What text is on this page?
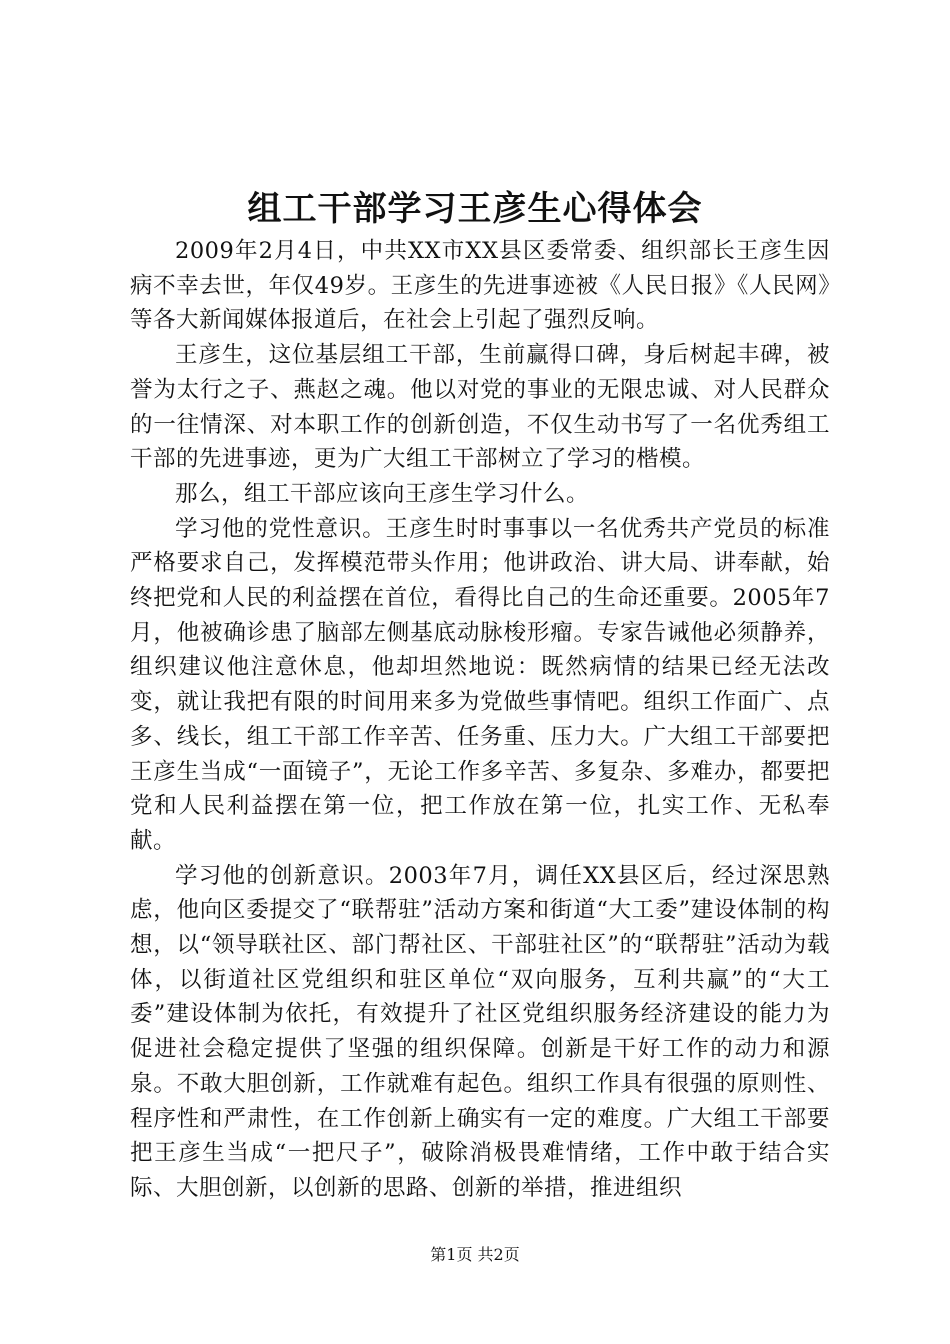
组工干部学习王彦生心得体会

2009年2月4日，中共XX市XX县区委常委、组织部长王彦生因病不幸去世，年仅49岁。王彦生的先进事迹被《人民日报》《人民网》等各大新闻媒体报道后，在社会上引起了强烈反响。

王彦生，这位基层组工干部，生前赢得口碑，身后树起丰碑，被誉为太行之子、燕赵之魂。他以对党的事业的无限忠诚、对人民群众的一往情深、对本职工作的创新创造，不仅生动书写了一名优秀组工干部的先进事迹，更为广大组工干部树立了学习的楷模。

那么，组工干部应该向王彦生学习什么。

学习他的党性意识。王彦生时时事事以一名优秀共产党员的标准严格要求自己，发挥模范带头作用；他讲政治、讲大局、讲奉献，始终把党和人民的利益摆在首位，看得比自己的生命还重要。2005年7月，他被确诊患了脑部左侧基底动脉梭形瘤。专家告诫他必须静养，组织建议他注意休息，他却坦然地说：既然病情的结果已经无法改变，就让我把有限的时间用来多为党做些事情吧。组织工作面广、点多、线长，组工干部工作辛苦、任务重、压力大。广大组工干部要把王彦生当成“一面镜子”，无论工作多辛苦、多复杂、多难办，都要把党和人民利益摆在第一位，把工作放在第一位，扎实工作、无私奉献。

学习他的创新意识。2003年7月，调任XX县区后，经过深思熟虑，他向区委提交了“联帮驻”活动方案和街道“大工委”建设体制的构想，以“领导联社区、部门帮社区、干部驻社区”的“联帮驻”活动为载体，以街道社区党组织和驻区单位“双向服务，互利共赢”的“大工委”建设体制为依托，有效提升了社区党组织服务经济建设的能力为促进社会稳定提供了坚强的组织保障。创新是干好工作的动力和源泉。不敢大胆创新，工作就难有起色。组织工作具有很强的原则性、程序性和严肃性，在工作创新上确实有一定的难度。广大组工干部要把王彦生当成“一把尺子”，破除消极畏难情绪，工作中敢于结合实际、大胆创新，以创新的思路、创新的举措，推进组织

第1页 共2页
